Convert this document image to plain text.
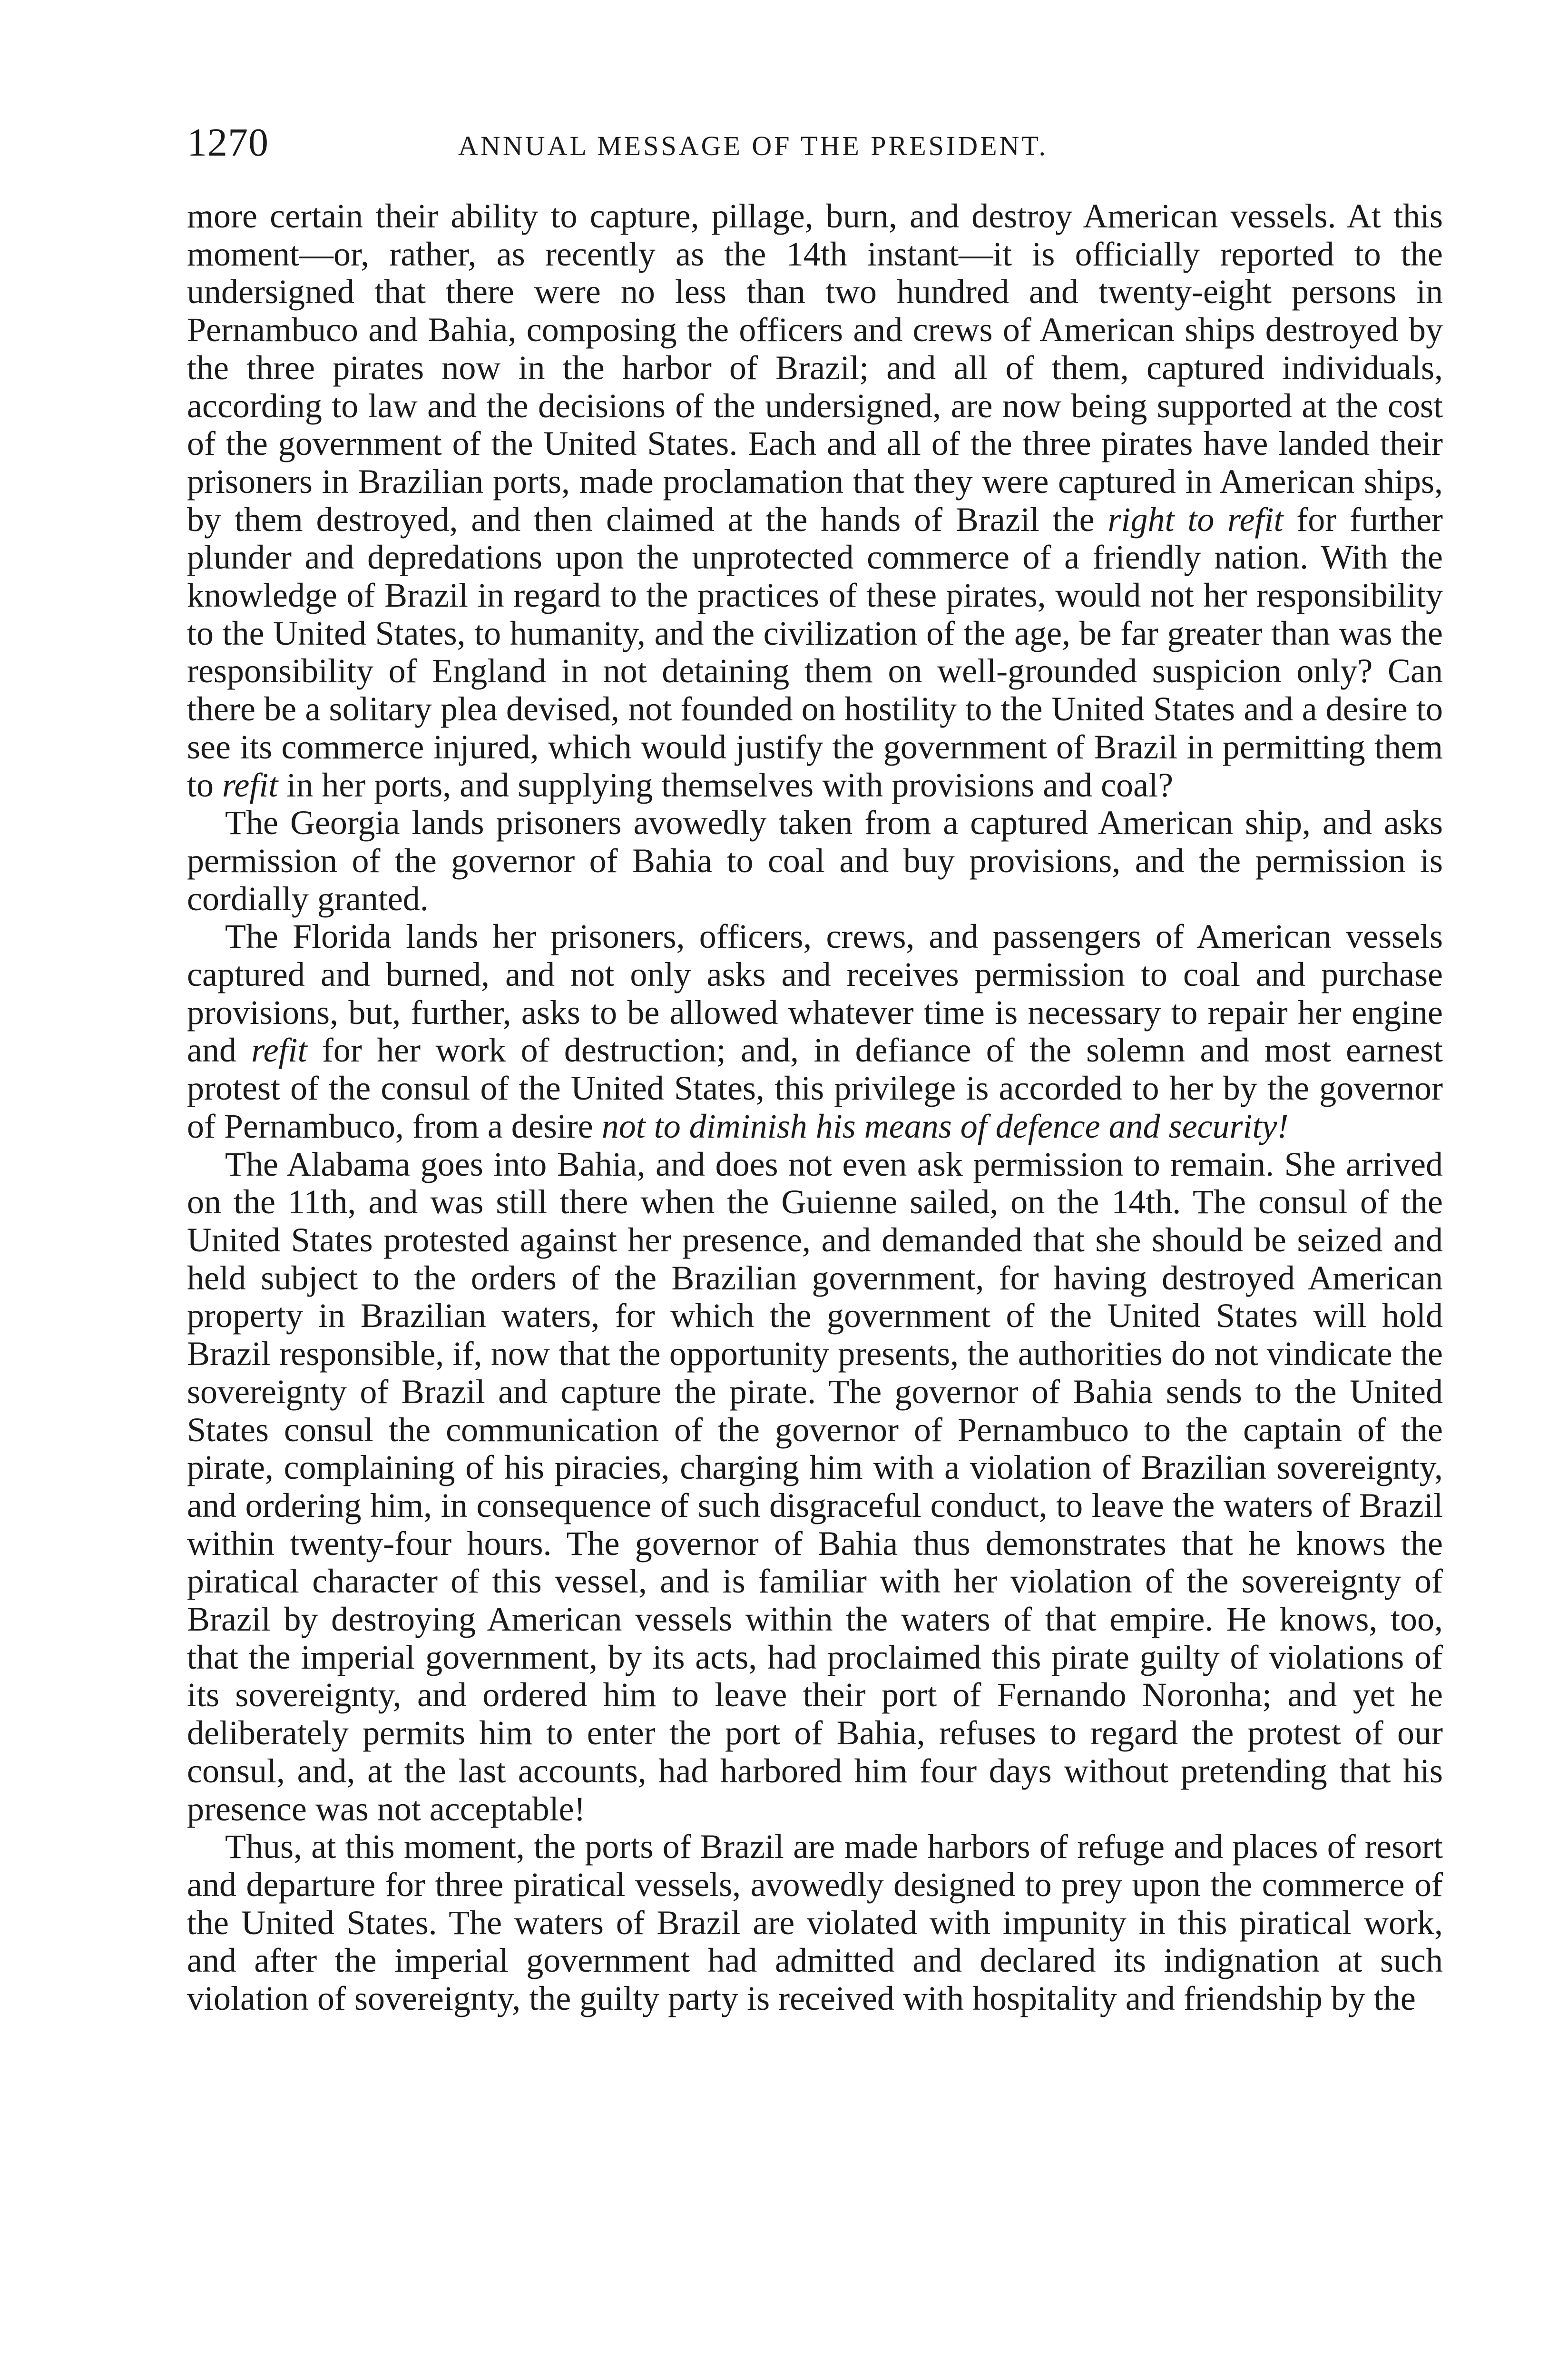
1270	ANNUAL MESSAGE OF THE PRESIDENT.

more certain their ability to capture, pillage, burn, and destroy American vessels. At this moment—or, rather, as recently as the 14th instant—it is officially reported to the undersigned that there were no less than two hundred and twenty-eight persons in Pernambuco and Bahia, composing the officers and crews of American ships destroyed by the three pirates now in the harbor of Brazil; and all of them, captured individuals, according to law and the decisions of the undersigned, are now being supported at the cost of the government of the United States. Each and all of the three pirates have landed their prisoners in Brazilian ports, made proclamation that they were captured in American ships, by them destroyed, and then claimed at the hands of Brazil the right to refit for further plunder and depredations upon the unprotected commerce of a friendly nation. With the knowledge of Brazil in regard to the practices of these pirates, would not her responsibility to the United States, to humanity, and the civilization of the age, be far greater than was the responsibility of England in not detaining them on well-grounded suspicion only? Can there be a solitary plea devised, not founded on hostility to the United States and a desire to see its commerce injured, which would justify the government of Brazil in permitting them to refit in her ports, and supplying themselves with provisions and coal?

The Georgia lands prisoners avowedly taken from a captured American ship, and asks permission of the governor of Bahia to coal and buy provisions, and the permission is cordially granted.

The Florida lands her prisoners, officers, crews, and passengers of American vessels captured and burned, and not only asks and receives permission to coal and purchase provisions, but, further, asks to be allowed whatever time is necessary to repair her engine and refit for her work of destruction; and, in defiance of the solemn and most earnest protest of the consul of the United States, this privilege is accorded to her by the governor of Pernambuco, from a desire not to diminish his means of defence and security!

The Alabama goes into Bahia, and does not even ask permission to remain. She arrived on the 11th, and was still there when the Guienne sailed, on the 14th. The consul of the United States protested against her presence, and demanded that she should be seized and held subject to the orders of the Brazilian government, for having destroyed American property in Brazilian waters, for which the government of the United States will hold Brazil responsible, if, now that the opportunity presents, the authorities do not vindicate the sovereignty of Brazil and capture the pirate. The governor of Bahia sends to the United States consul the communication of the governor of Pernambuco to the captain of the pirate, complaining of his piracies, charging him with a violation of Brazilian sovereignty, and ordering him, in consequence of such disgraceful conduct, to leave the waters of Brazil within twenty-four hours. The governor of Bahia thus demonstrates that he knows the piratical character of this vessel, and is familiar with her violation of the sovereignty of Brazil by destroying American vessels within the waters of that empire. He knows, too, that the imperial government, by its acts, had proclaimed this pirate guilty of violations of its sovereignty, and ordered him to leave their port of Fernando Noronha; and yet he deliberately permits him to enter the port of Bahia, refuses to regard the protest of our consul, and, at the last accounts, had harbored him four days without pretending that his presence was not acceptable!

Thus, at this moment, the ports of Brazil are made harbors of refuge and places of resort and departure for three piratical vessels, avowedly designed to prey upon the commerce of the United States. The waters of Brazil are violated with impunity in this piratical work, and after the imperial government had admitted and declared its indignation at such violation of sovereignty, the guilty party is received with hospitality and friendship by the
